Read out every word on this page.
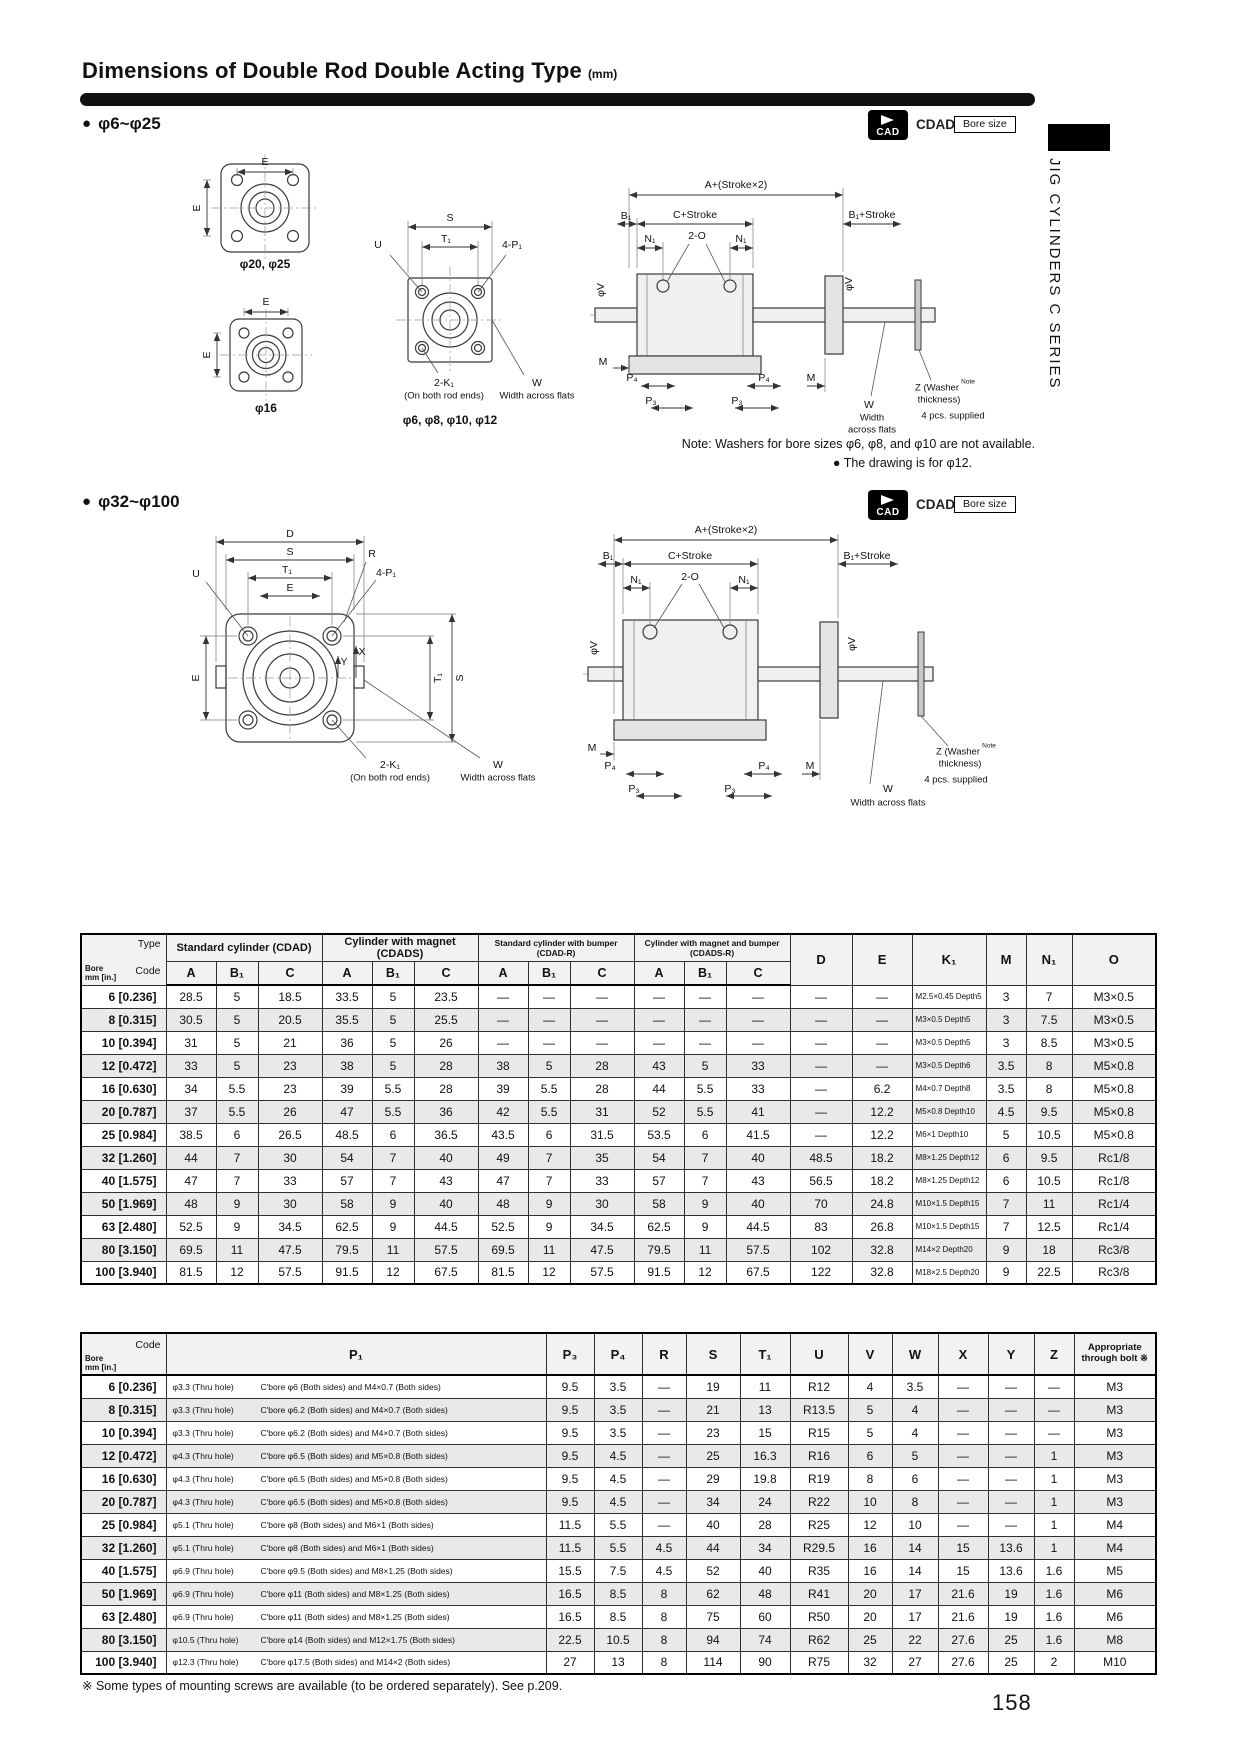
Dimensions of Double Rod Double Acting Type (mm)
JIG CYLINDERS C SERIES
● φ6~φ25	CAD
CDAD Bore size
E
E
φ20, φ25
E
E
φ16
S
T₁
U	4-P₁
2-K₁
(On both rod ends)
W
Width across flats
φ6, φ8, φ10, φ12
A+(Stroke×2)
B₁	C+Stroke	B₁+Stroke
N₁	2-O	N₁
φV	φV
M
P₄
P₃
P₄	M
P₃	W
Width
across flats
Z (Washer
Note
thickness)
4 pcs. supplied
Note: Washers for bore sizes φ6, φ8, and φ10 are not available.
● The drawing is for φ12.
● φ32~φ100
CAD
CDAD Bore size
D
S	R
T₁	4-P₁
U
E
E
Y
X
T₁ S
2-K₁
(On both rod ends)
W
Width across flats
A+(Stroke×2)
B₁	C+Stroke	B₁+Stroke
N₁	2-O	N₁
φV	φV
M
P₄
P₃
P₄	M
P₃	W
Width across flats
Z (Washer
Note
thickness)
4 pcs. supplied
Type
Code
Bore
mm [in.]	Standard cylinder (CDAD)			Cylinder with magnet (CDADS)			Standard cylinder with bumper (CDAD-R)			Cylinder with magnet and bumper (CDADS-R)			D	E	K₁	M	N₁	O
	A	B₁	C	A	B₁	C	A	B₁	C	A	B₁	C						
6 [0.236]	28.5	5	18.5	33.5	5	23.5	—	—	—	—	—	—	—	—	M2.5×0.45 Depth5	3	7	M3×0.5
8 [0.315]	30.5	5	20.5	35.5	5	25.5	—	—	—	—	—	—	—	—	M3×0.5 Depth5	3	7.5	M3×0.5
10 [0.394]	31	5	21	36	5	26	—	—	—	—	—	—	—	—	M3×0.5 Depth5	3	8.5	M3×0.5
12 [0.472]	33	5	23	38	5	28	38	5	28	43	5	33	—	—	M3×0.5 Depth6	3.5	8	M5×0.8
16 [0.630]	34	5.5	23	39	5.5	28	39	5.5	28	44	5.5	33	—	6.2	M4×0.7 Depth8	3.5	8	M5×0.8
20 [0.787]	37	5.5	26	47	5.5	36	42	5.5	31	52	5.5	41	—	12.2	M5×0.8 Depth10	4.5	9.5	M5×0.8
25 [0.984]	38.5	6	26.5	48.5	6	36.5	43.5	6	31.5	53.5	6	41.5	—	12.2	M6×1 Depth10	5	10.5	M5×0.8
32 [1.260]	44	7	30	54	7	40	49	7	35	54	7	40	48.5	18.2	M8×1.25 Depth12	6	9.5	Rc1/8
40 [1.575]	47	7	33	57	7	43	47	7	33	57	7	43	56.5	18.2	M8×1.25 Depth12	6	10.5	Rc1/8
50 [1.969]	48	9	30	58	9	40	48	9	30	58	9	40	70	24.8	M10×1.5 Depth15	7	11	Rc1/4
63 [2.480]	52.5	9	34.5	62.5	9	44.5	52.5	9	34.5	62.5	9	44.5	83	26.8	M10×1.5 Depth15	7	12.5	Rc1/4
80 [3.150]	69.5	11	47.5	79.5	11	57.5	69.5	11	47.5	79.5	11	57.5	102	32.8	M14×2 Depth20	9	18	Rc3/8
100 [3.940]	81.5	12	57.5	91.5	12	67.5	81.5	12	57.5	91.5	12	67.5	122	32.8	M18×2.5 Depth20	9	22.5	Rc3/8
Code
Bore
mm [in.]	P₁	P₃	P₄	R	S	T₁	U	V	W	X	Y	Z	Appropriate through bolt ※
6 [0.236]	φ3.3 (Thru hole) C'bore φ6 (Both sides) and M4×0.7 (Both sides)	9.5	3.5	—	19	11	R12	4	3.5	—	—	—	M3
8 [0.315]	φ3.3 (Thru hole) C'bore φ6.2 (Both sides) and M4×0.7 (Both sides)	9.5	3.5	—	21	13	R13.5	5	4	—	—	—	M3
10 [0.394]	φ3.3 (Thru hole) C'bore φ6.2 (Both sides) and M4×0.7 (Both sides)	9.5	3.5	—	23	15	R15	5	4	—	—	—	M3
12 [0.472]	φ4.3 (Thru hole) C'bore φ6.5 (Both sides) and M5×0.8 (Both sides)	9.5	4.5	—	25	16.3	R16	6	5	—	—	1	M3
16 [0.630]	φ4.3 (Thru hole) C'bore φ6.5 (Both sides) and M5×0.8 (Both sides)	9.5	4.5	—	29	19.8	R19	8	6	—	—	1	M3
20 [0.787]	φ4.3 (Thru hole) C'bore φ6.5 (Both sides) and M5×0.8 (Both sides)	9.5	4.5	—	34	24	R22	10	8	—	—	1	M3
25 [0.984]	φ5.1 (Thru hole) C'bore φ8 (Both sides) and M6×1 (Both sides)	11.5	5.5	—	40	28	R25	12	10	—	—	1	M4
32 [1.260]	φ5.1 (Thru hole) C'bore φ8 (Both sides) and M6×1 (Both sides)	11.5	5.5	4.5	44	34	R29.5	16	14	15	13.6	1	M4
40 [1.575]	φ6.9 (Thru hole) C'bore φ9.5 (Both sides) and M8×1.25 (Both sides)	15.5	7.5	4.5	52	40	R35	16	14	15	13.6	1.6	M5
50 [1.969]	φ6.9 (Thru hole) C'bore φ11 (Both sides) and M8×1.25 (Both sides)	16.5	8.5	8	62	48	R41	20	17	21.6	19	1.6	M6
63 [2.480]	φ6.9 (Thru hole) C'bore φ11 (Both sides) and M8×1.25 (Both sides)	16.5	8.5	8	75	60	R50	20	17	21.6	19	1.6	M6
80 [3.150]	φ10.5 (Thru hole) C'bore φ14 (Both sides) and M12×1.75 (Both sides)	22.5	10.5	8	94	74	R62	25	22	27.6	25	1.6	M8
100 [3.940]	φ12.3 (Thru hole) C'bore φ17.5 (Both sides) and M14×2 (Both sides)	27	13	8	114	90	R75	32	27	27.6	25	2	M10
※ Some types of mounting screws are available (to be ordered separately). See p.209.
158
